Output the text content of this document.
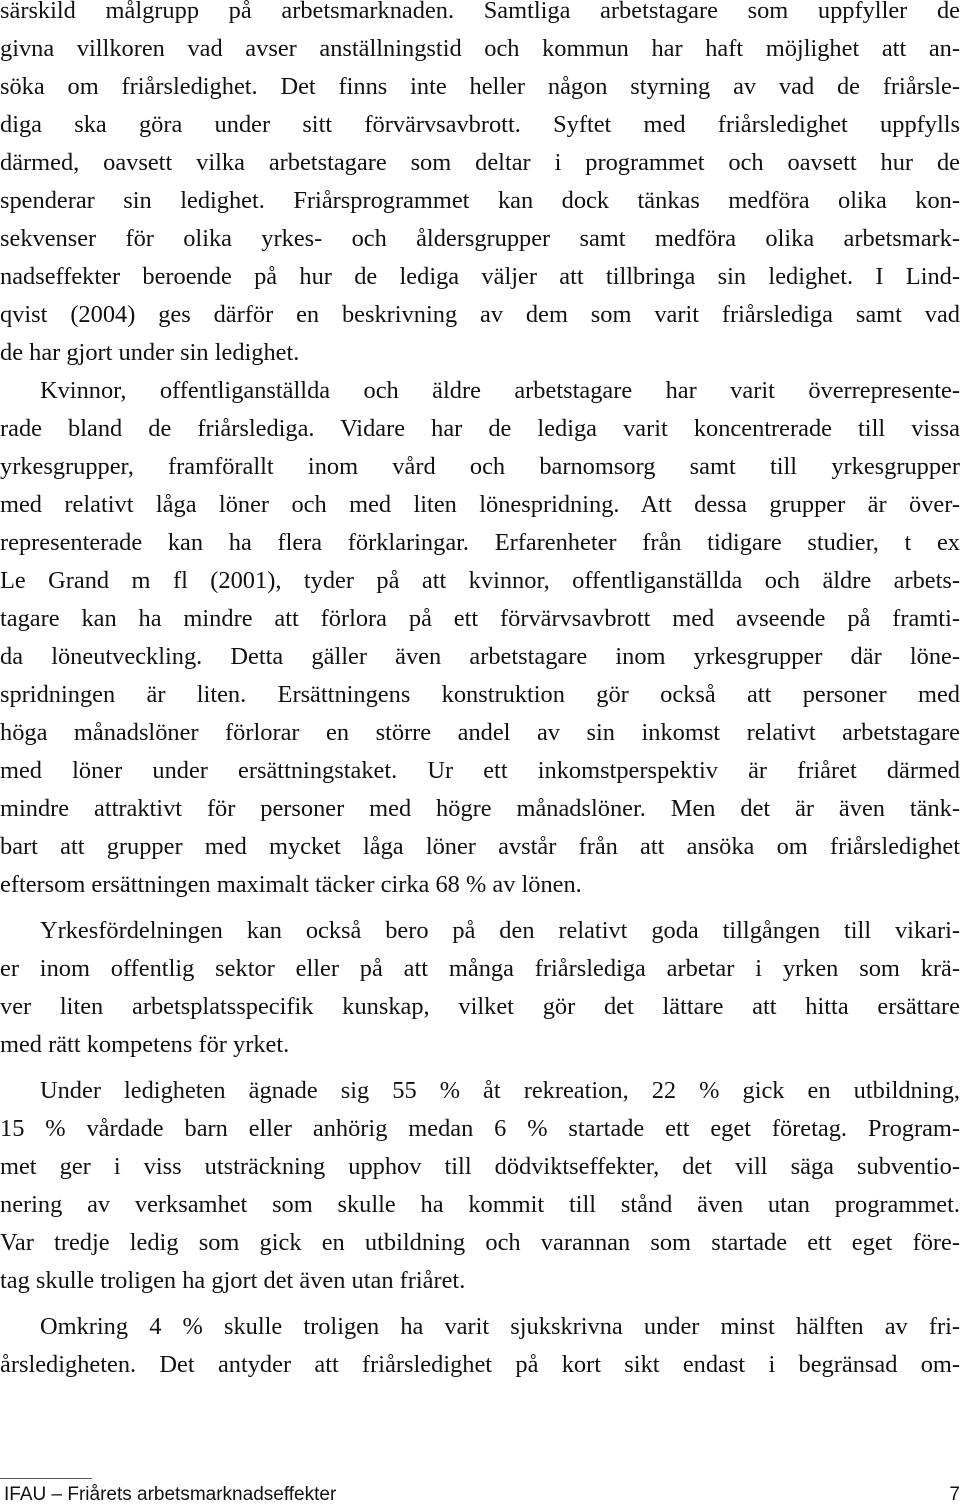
särskild målgrupp på arbetsmarknaden. Samtliga arbetstagare som uppfyller de
givna villkoren vad avser anställningstid och kommun har haft möjlighet att an-
söka om friårsledighet. Det finns inte heller någon styrning av vad de friårsle-
diga ska göra under sitt förvärvsavbrott. Syftet med friårsledighet uppfylls
därmed, oavsett vilka arbetstagare som deltar i programmet och oavsett hur de
spenderar sin ledighet. Friårsprogrammet kan dock tänkas medföra olika kon-
sekvenser för olika yrkes- och åldersgrupper samt medföra olika arbetsmark-
nadseffekter beroende på hur de lediga väljer att tillbringa sin ledighet. I Lind-
qvist (2004) ges därför en beskrivning av dem som varit friårslediga samt vad
de har gjort under sin ledighet.
Kvinnor, offentliganställda och äldre arbetstagare har varit överrepresente-
rade bland de friårslediga. Vidare har de lediga varit koncentrerade till vissa
yrkesgrupper, framförallt inom vård och barnomsorg samt till yrkesgrupper
med relativt låga löner och med liten lönespridning. Att dessa grupper är över-
representerade kan ha flera förklaringar. Erfarenheter från tidigare studier, t ex
Le Grand m fl (2001), tyder på att kvinnor, offentliganställda och äldre arbets-
tagare kan ha mindre att förlora på ett förvärvsavbrott med avseende på framti-
da löneutveckling. Detta gäller även arbetstagare inom yrkesgrupper där löne-
spridningen är liten. Ersättningens konstruktion gör också att personer med
höga månadslöner förlorar en större andel av sin inkomst relativt arbetstagare
med löner under ersättningstaket. Ur ett inkomstperspektiv är friåret därmed
mindre attraktivt för personer med högre månadslöner. Men det är även tänk-
bart att grupper med mycket låga löner avstår från att ansöka om friårsledighet
eftersom ersättningen maximalt täcker cirka 68 % av lönen.
Yrkesfördelningen kan också bero på den relativt goda tillgången till vikari-
er inom offentlig sektor eller på att många friårslediga arbetar i yrken som krä-
ver liten arbetsplatsspecifik kunskap, vilket gör det lättare att hitta ersättare
med rätt kompetens för yrket.
Under ledigheten ägnade sig 55 % åt rekreation, 22 % gick en utbildning,
15 % vårdade barn eller anhörig medan 6 % startade ett eget företag. Program-
met ger i viss utsträckning upphov till dödviktseffekter, det vill säga subventio-
nering av verksamhet som skulle ha kommit till stånd även utan programmet.
Var tredje ledig som gick en utbildning och varannan som startade ett eget före-
tag skulle troligen ha gjort det även utan friåret.
Omkring 4 % skulle troligen ha varit sjukskrivna under minst hälften av fri-
årsledigheten. Det antyder att friårsledighet på kort sikt endast i begränsad om-
IFAU – Friårets arbetsmarknadseffekter	7
